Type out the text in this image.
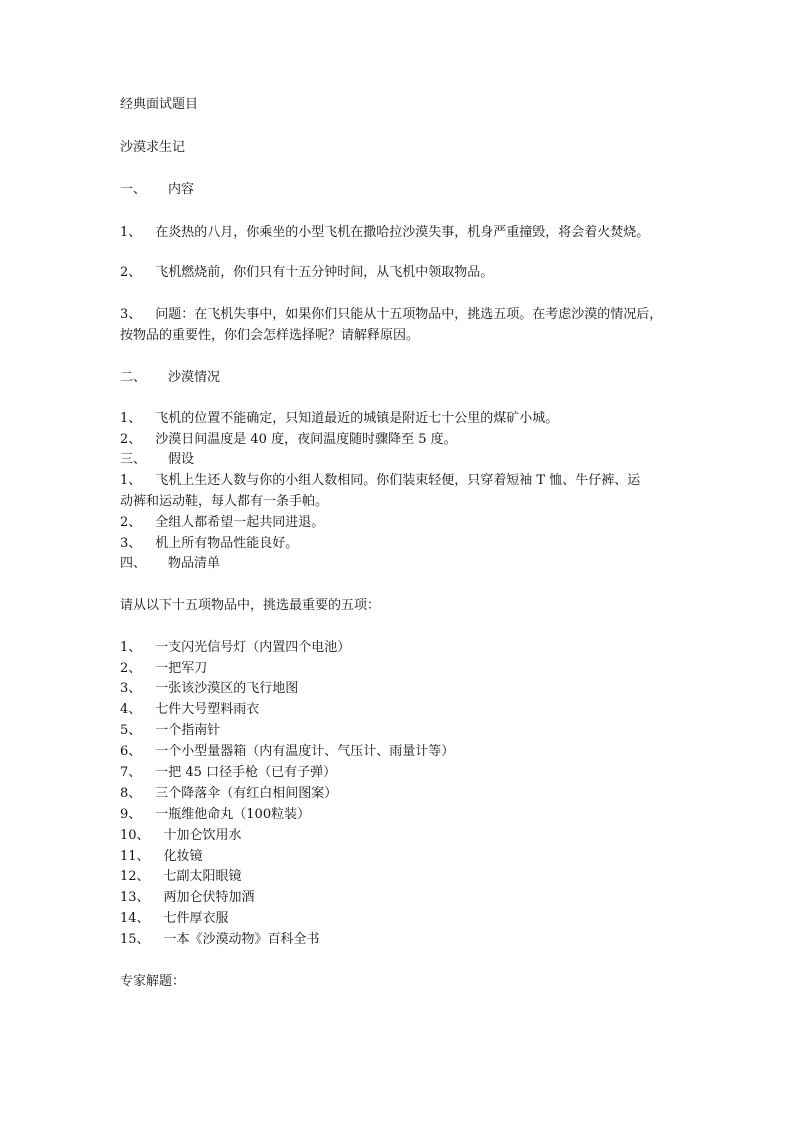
经典面试题目
沙漠求生记
一、 内容
1、 在炎热的八月，你乘坐的小型飞机在撒哈拉沙漠失事，机身严重撞毁，将会着火焚烧。
2、 飞机燃烧前，你们只有十五分钟时间，从飞机中领取物品。
3、 问题：在飞机失事中，如果你们只能从十五项物品中，挑选五项。在考虑沙漠的情况后，
按物品的重要性，你们会怎样选择呢？请解释原因。
二、 沙漠情况
1、 飞机的位置不能确定，只知道最近的城镇是附近七十公里的煤矿小城。
2、 沙漠日间温度是 40 度，夜间温度随时骤降至 5 度。
三、 假设
1、 飞机上生还人数与你的小组人数相同。你们装束轻便，只穿着短袖 T 恤、牛仔裤、运
动裤和运动鞋，每人都有一条手帕。
2、 全组人都希望一起共同进退。
3、 机上所有物品性能良好。
四、 物品清单
请从以下十五项物品中，挑选最重要的五项：
1、 一支闪光信号灯（内置四个电池）
2、 一把军刀
3、 一张该沙漠区的飞行地图
4、 七件大号塑料雨衣
5、 一个指南针
6、 一个小型量器箱（内有温度计、气压计、雨量计等）
7、 一把 45 口径手枪（已有子弹）
8、 三个降落伞（有红白相间图案）
9、 一瓶维他命丸（100粒装）
10、 十加仑饮用水
11、 化妆镜
12、 七副太阳眼镜
13、 两加仑伏特加酒
14、 七件厚衣服
15、 一本《沙漠动物》百科全书
专家解题：
